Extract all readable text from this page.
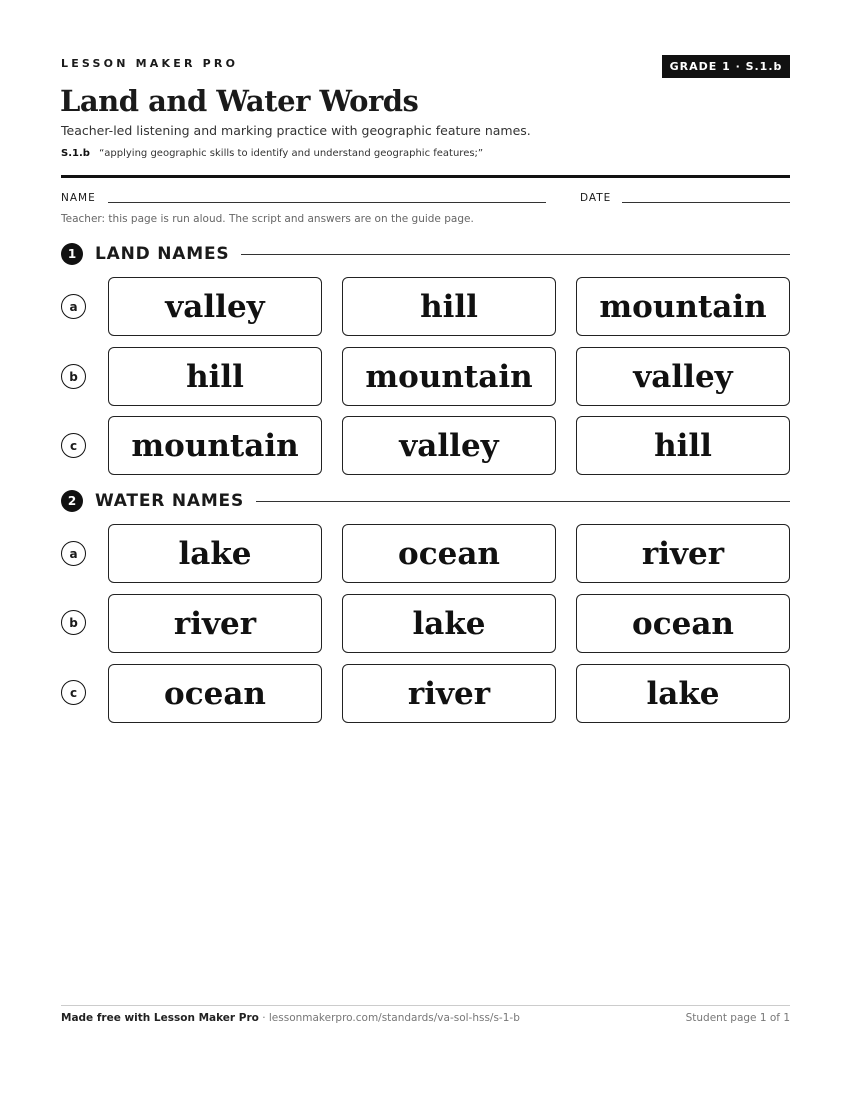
LESSON MAKER PRO	GRADE 1 · S.1.b
Land and Water Words
Teacher-led listening and marking practice with geographic feature names.
S.1.b “applying geographic skills to identify and understand geographic features;”
NAME	DATE
Teacher: this page is run aloud. The script and answers are on the guide page.
1	LAND NAMES
a	valley	hill	mountain
b	hill	mountain	valley
c	mountain	valley	hill
2	WATER NAMES
a	lake	ocean	river
b	river	lake	ocean
c	ocean	river	lake
Made free with Lesson Maker Pro · lessonmakerpro.com/standards/va-sol-hss/s-1-b	Student page 1 of 1
